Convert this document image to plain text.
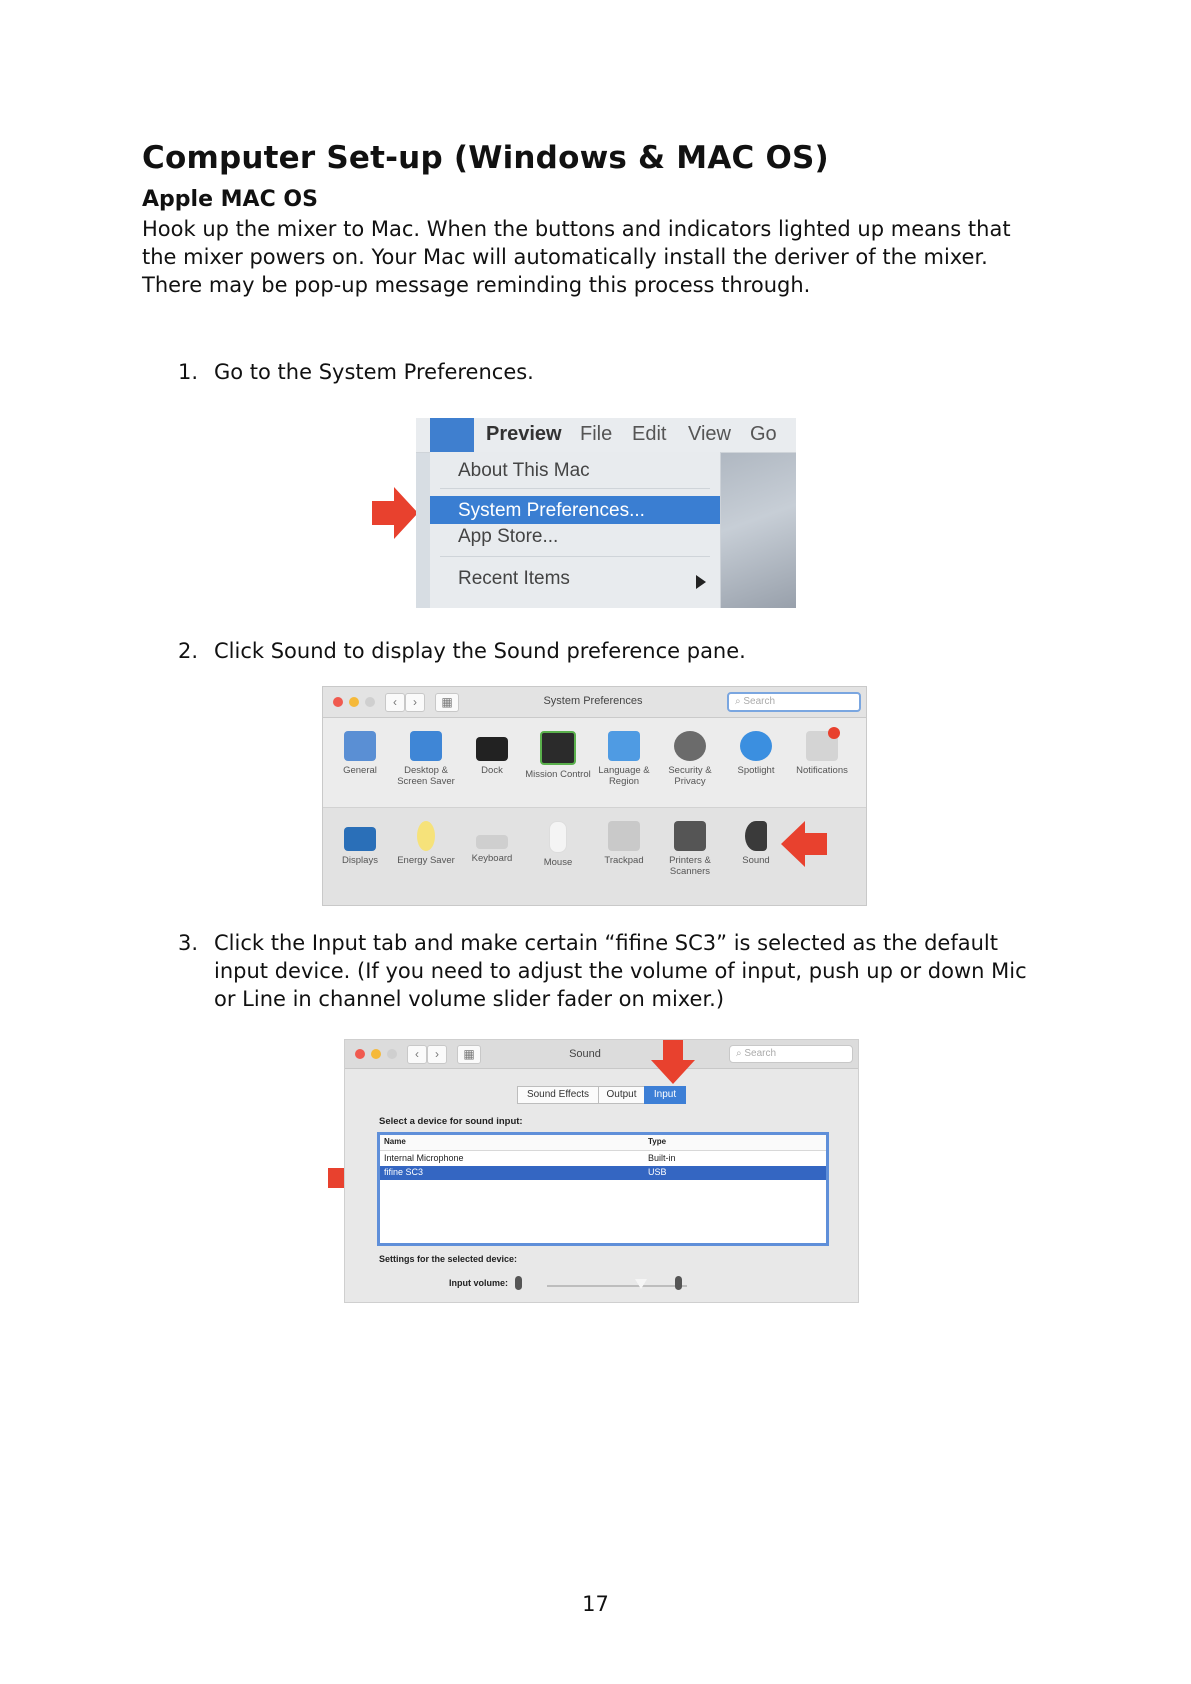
Computer Set-up (Windows & MAC OS)
Apple MAC OS
Hook up the mixer to Mac. When the buttons and indicators lighted up means that the mixer powers on. Your Mac will automatically install the deriver of the mixer. There may be pop-up message reminding this process through.
1. Go to the System Preferences.
Preview File Edit View Go
About This Mac
System Preferences...
App Store...
Recent Items
2. Click Sound to display the Sound preference pane.
‹	›	▦	System Preferences	⌕ Search
General	Desktop & Screen Saver
Dock	Mission Control Language & Region
Security & Privacy
Spotlight	Notifications
Displays	Energy Saver	Keyboard	Mouse	Trackpad	Printers & Scanners
Sound
3. Click the Input tab and make certain “fifine SC3” is selected as the default input device. (If you need to adjust the volume of input, push up or down Mic or Line in channel volume slider fader on mixer.)
‹	›	▦	Sound	⌕ Search
Sound Effects	Output	Input
Select a device for sound input:
Name	Type
Internal Microphone	Built-in
fifine SC3	USB
Settings for the selected device:
Input volume:
17
